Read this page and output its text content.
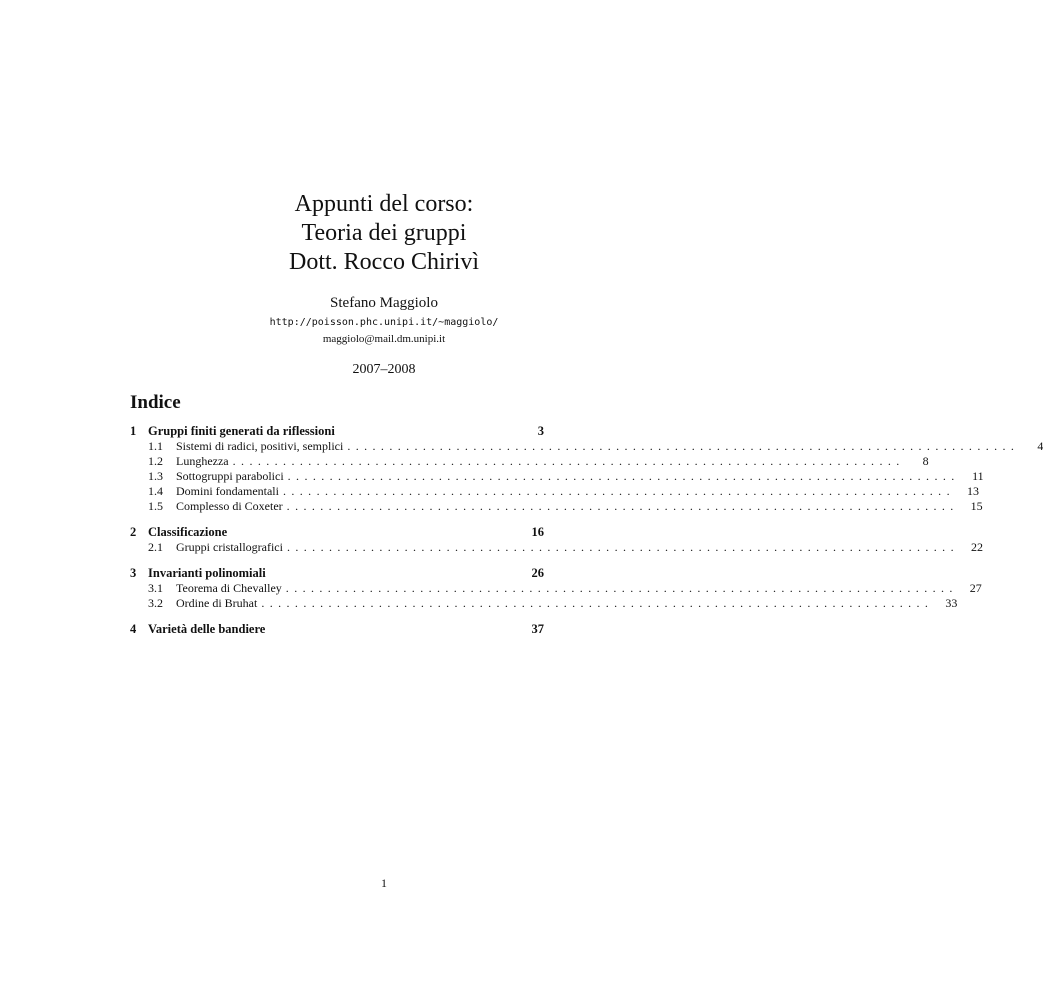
Appunti del corso:
Teoria dei gruppi
Dott. Rocco Chirivì
Stefano Maggiolo
http://poisson.phc.unipi.it/~maggiolo/
maggiolo@mail.dm.unipi.it
2007–2008
Indice
1 Gruppi finiti generati da riflessioni	3
1.1	Sistemi di radici, positivi, semplici ................................................................................	4
1.2	Lunghezza ................................................................................	8
1.3	Sottogruppi parabolici ................................................................................	11
1.4	Domini fondamentali ................................................................................	13
1.5	Complesso di Coxeter ................................................................................	15
2 Classificazione	16
2.1	Gruppi cristallografici ................................................................................	22
3 Invarianti polinomiali	26
3.1	Teorema di Chevalley ................................................................................	27
3.2	Ordine di Bruhat ................................................................................	33
4 Varietà delle bandiere	37
1
